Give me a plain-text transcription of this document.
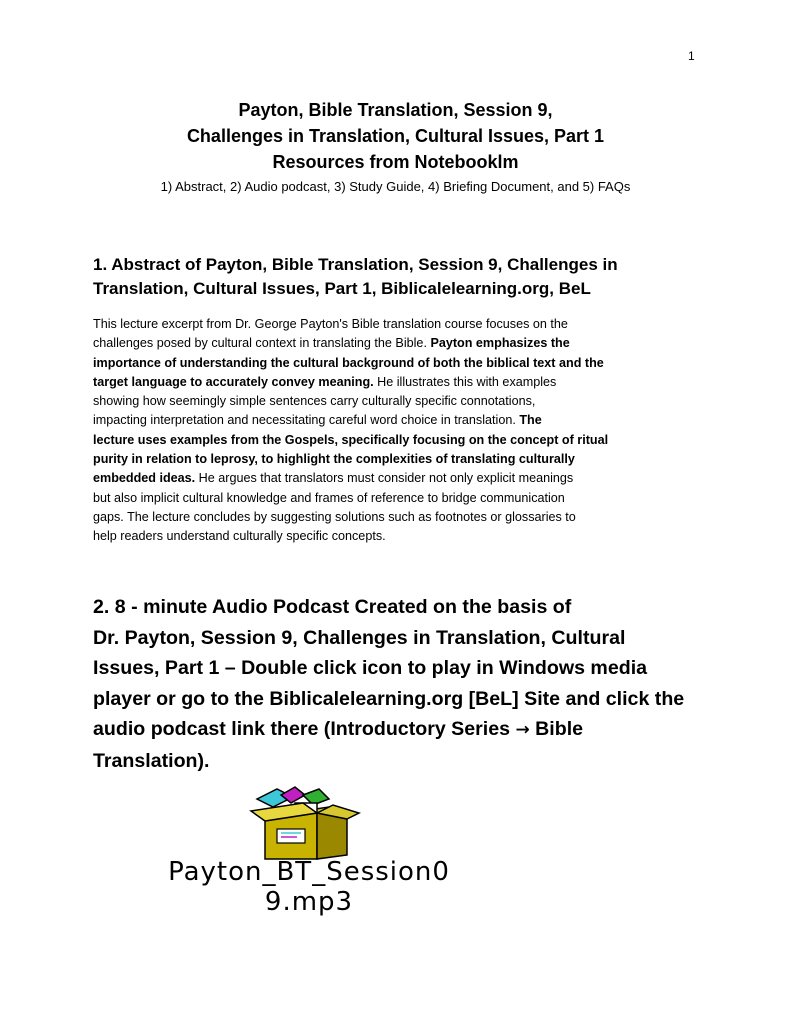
1
Payton, Bible Translation, Session 9,
Challenges in Translation, Cultural Issues, Part 1
Resources from Notebooklm
1) Abstract, 2) Audio podcast, 3) Study Guide, 4) Briefing Document, and 5) FAQs
1. Abstract of Payton, Bible Translation, Session 9, Challenges in
Translation, Cultural Issues, Part 1, Biblicalelearning.org, BeL

This lecture excerpt from Dr. George Payton's Bible translation course focuses on the
challenges posed by cultural context in translating the Bible. Payton emphasizes the
importance of understanding the cultural background of both the biblical text and the
target language to accurately convey meaning. He illustrates this with examples
showing how seemingly simple sentences carry culturally specific connotations,
impacting interpretation and necessitating careful word choice in translation. The
lecture uses examples from the Gospels, specifically focusing on the concept of ritual
purity in relation to leprosy, to highlight the complexities of translating culturally
embedded ideas. He argues that translators must consider not only explicit meanings
but also implicit cultural knowledge and frames of reference to bridge communication
gaps. The lecture concludes by suggesting solutions such as footnotes or glossaries to
help readers understand culturally specific concepts.

2. 8 - minute Audio Podcast Created on the basis of
Dr. Payton, Session 9, Challenges in Translation, Cultural
Issues, Part 1 – Double click icon to play in Windows media
player or go to the Biblicalelearning.org [BeL] Site and click the
audio podcast link there (Introductory Series → Bible
Translation).
Payton_BT_Session0
9.mp3
